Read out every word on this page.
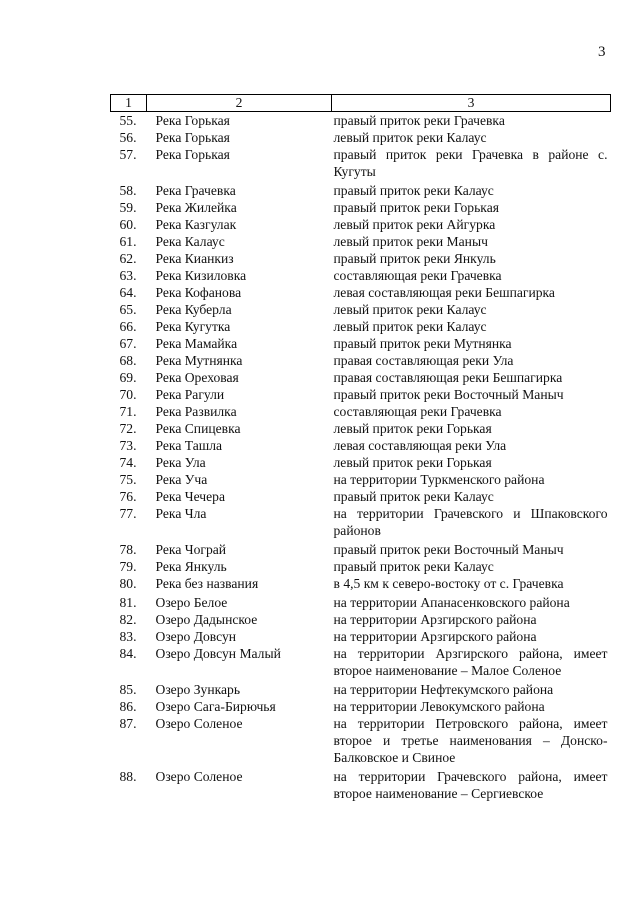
3
1	2	3
55.	Река Горькая	правый приток реки Грачевка
56.	Река Горькая	левый приток реки Калаус
57.	Река Горькая	правый приток реки Грачевка в районе с. Кугуты
58.	Река Грачевка	правый приток реки Калаус
59.	Река Жилейка	правый приток реки Горькая
60.	Река Казгулак	левый приток реки Айгурка
61.	Река Калаус	левый приток реки Маныч
62.	Река Кианкиз	правый приток реки Янкуль
63.	Река Кизиловка	составляющая реки Грачевка
64.	Река Кофанова	левая составляющая реки Бешпагирка
65.	Река Куберла	левый приток реки Калаус
66.	Река Кугутка	левый приток реки Калаус
67.	Река Мамайка	правый приток реки Мутнянка
68.	Река Мутнянка	правая составляющая реки Ула
69.	Река Ореховая	правая составляющая реки Бешпагирка
70.	Река Рагули	правый приток реки Восточный Маныч
71.	Река Развилка	составляющая реки Грачевка
72.	Река Спицевка	левый приток реки Горькая
73.	Река Ташла	левая составляющая реки Ула
74.	Река Ула	левый приток реки Горькая
75.	Река Уча	на территории Туркменского района
76.	Река Чечера	правый приток реки Калаус
77.	Река Чла	на территории Грачевского и Шпаковского районов
78.	Река Чограй	правый приток реки Восточный Маныч
79.	Река Янкуль	правый приток реки Калаус
80.	Река без названия	в 4,5 км к северо-востоку от с. Грачевка
81.	Озеро Белое	на территории Апанасенковского района
82.	Озеро Дадынское	на территории Арзгирского района
83.	Озеро Довсун	на территории Арзгирского района
84.	Озеро Довсун Малый	на территории Арзгирского района, имеет второе наименование – Малое Соленое
85.	Озеро Зункарь	на территории Нефтекумского района
86.	Озеро Сага-Бирючья	на территории Левокумского района
87.	Озеро Соленое	на территории Петровского района, имеет второе и третье наименования – Донско-Балковское и Свиное
88.	Озеро Соленое	на территории Грачевского района, имеет второе наименование – Сергиевское
